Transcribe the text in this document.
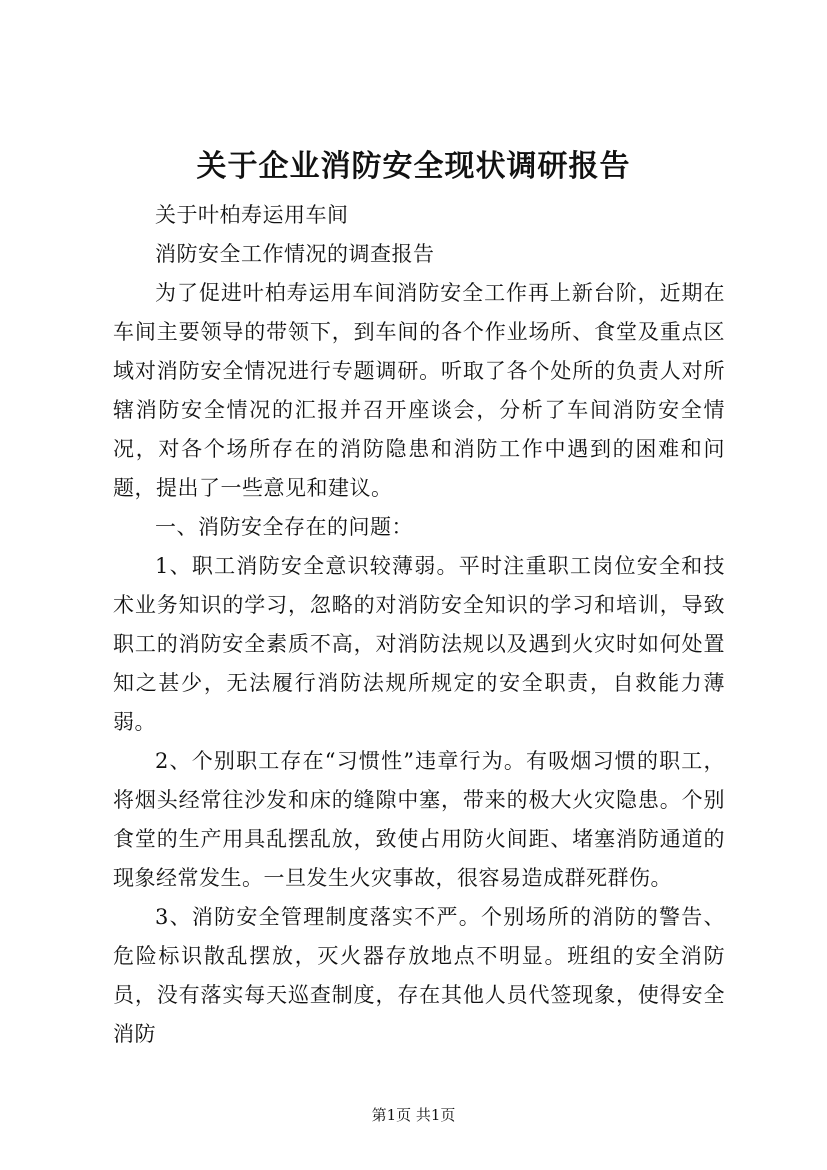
关于企业消防安全现状调研报告

关于叶柏寿运用车间

消防安全工作情况的调查报告

为了促进叶柏寿运用车间消防安全工作再上新台阶，近期在车间主要领导的带领下，到车间的各个作业场所、食堂及重点区域对消防安全情况进行专题调研。听取了各个处所的负责人对所辖消防安全情况的汇报并召开座谈会，分析了车间消防安全情况，对各个场所存在的消防隐患和消防工作中遇到的困难和问题，提出了一些意见和建议。

一、消防安全存在的问题：

1、职工消防安全意识较薄弱。平时注重职工岗位安全和技术业务知识的学习，忽略的对消防安全知识的学习和培训，导致职工的消防安全素质不高，对消防法规以及遇到火灾时如何处置知之甚少，无法履行消防法规所规定的安全职责，自救能力薄弱。

2、个别职工存在“习惯性”违章行为。有吸烟习惯的职工，将烟头经常往沙发和床的缝隙中塞，带来的极大火灾隐患。个别食堂的生产用具乱摆乱放，致使占用防火间距、堵塞消防通道的现象经常发生。一旦发生火灾事故，很容易造成群死群伤。

3、消防安全管理制度落实不严。个别场所的消防的警告、危险标识散乱摆放，灭火器存放地点不明显。班组的安全消防员，没有落实每天巡查制度，存在其他人员代签现象，使得安全消防

第1页 共1页
